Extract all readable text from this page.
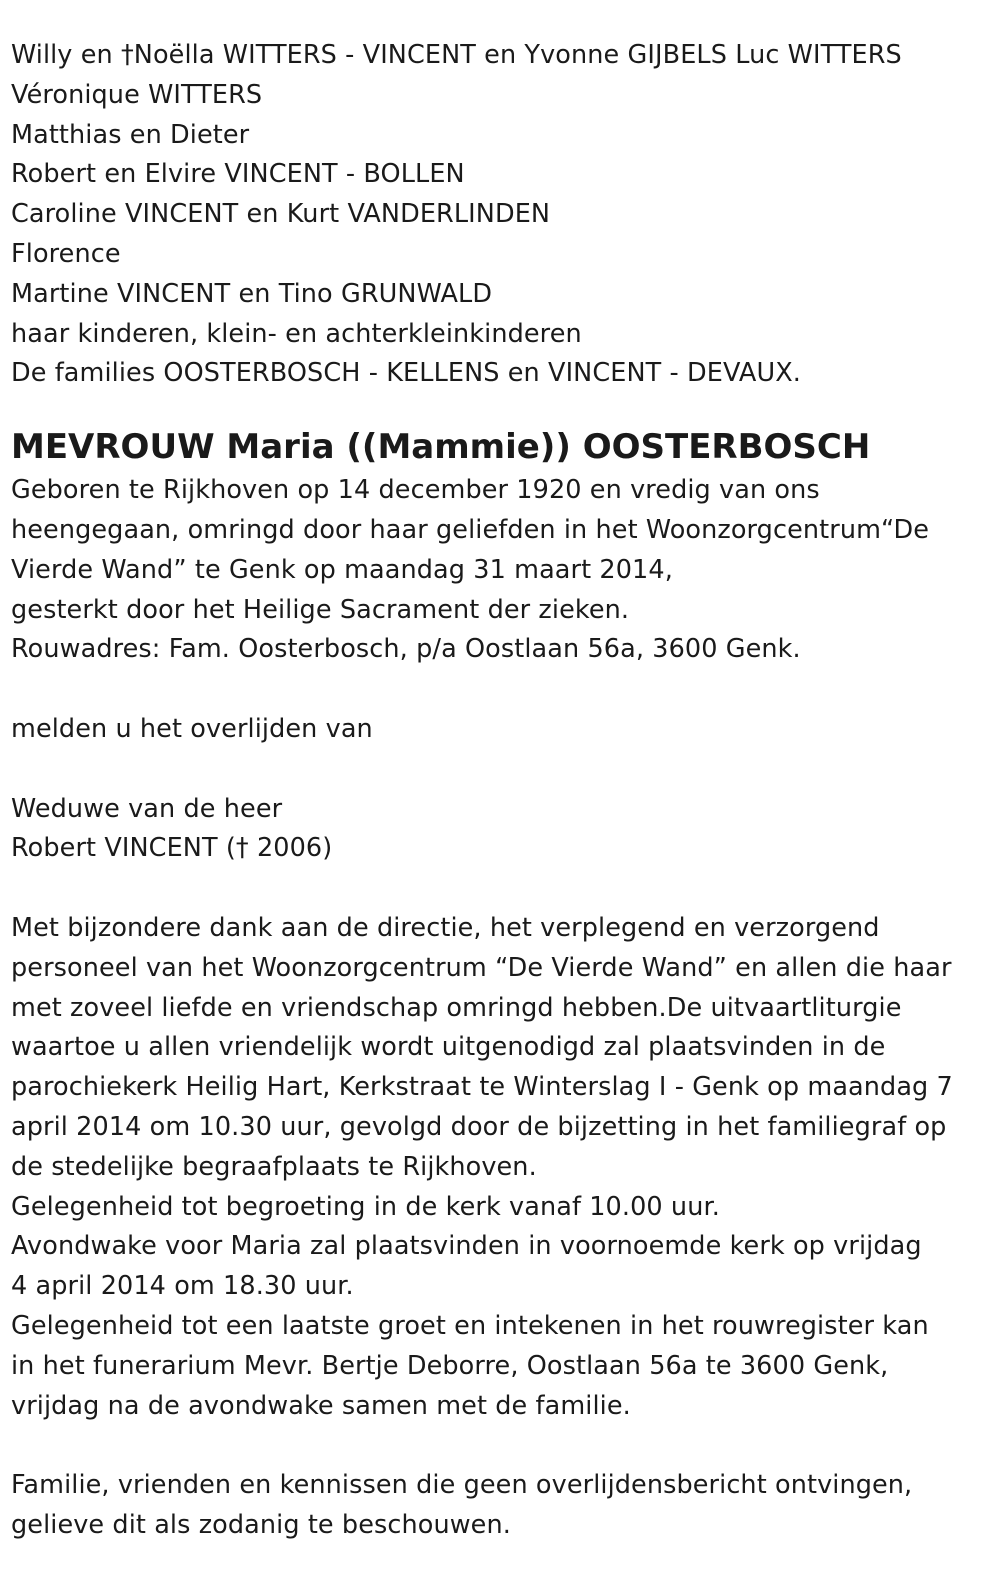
Willy en †Noëlla WITTERS - VINCENT en Yvonne GIJBELS Luc WITTERS
Véronique WITTERS
Matthias en Dieter
Robert en Elvire VINCENT - BOLLEN
Caroline VINCENT en Kurt VANDERLINDEN
Florence
Martine VINCENT en Tino GRUNWALD
haar kinderen, klein- en achterkleinkinderen
De families OOSTERBOSCH - KELLENS en VINCENT - DEVAUX.
MEVROUW Maria ((Mammie)) OOSTERBOSCH
Geboren te Rijkhoven op 14 december 1920 en vredig van ons
heengegaan, omringd door haar geliefden in het Woonzorgcentrum“De
Vierde Wand” te Genk op maandag 31 maart 2014,
gesterkt door het Heilige Sacrament der zieken.
Rouwadres: Fam. Oosterbosch, p/a Oostlaan 56a, 3600 Genk.
melden u het overlijden van
Weduwe van de heer
Robert VINCENT († 2006)
Met bijzondere dank aan de directie, het verplegend en verzorgend
personeel van het Woonzorgcentrum “De Vierde Wand” en allen die haar
met zoveel liefde en vriendschap omringd hebben.De uitvaartliturgie
waartoe u allen vriendelijk wordt uitgenodigd zal plaatsvinden in de
parochiekerk Heilig Hart, Kerkstraat te Winterslag I - Genk op maandag 7
april 2014 om 10.30 uur, gevolgd door de bijzetting in het familiegraf op
de stedelijke begraafplaats te Rijkhoven.
Gelegenheid tot begroeting in de kerk vanaf 10.00 uur.
Avondwake voor Maria zal plaatsvinden in voornoemde kerk op vrijdag
4 april 2014 om 18.30 uur.
Gelegenheid tot een laatste groet en intekenen in het rouwregister kan
in het funerarium Mevr. Bertje Deborre, Oostlaan 56a te 3600 Genk,
vrijdag na de avondwake samen met de familie.
Familie, vrienden en kennissen die geen overlijdensbericht ontvingen,
gelieve dit als zodanig te beschouwen.
